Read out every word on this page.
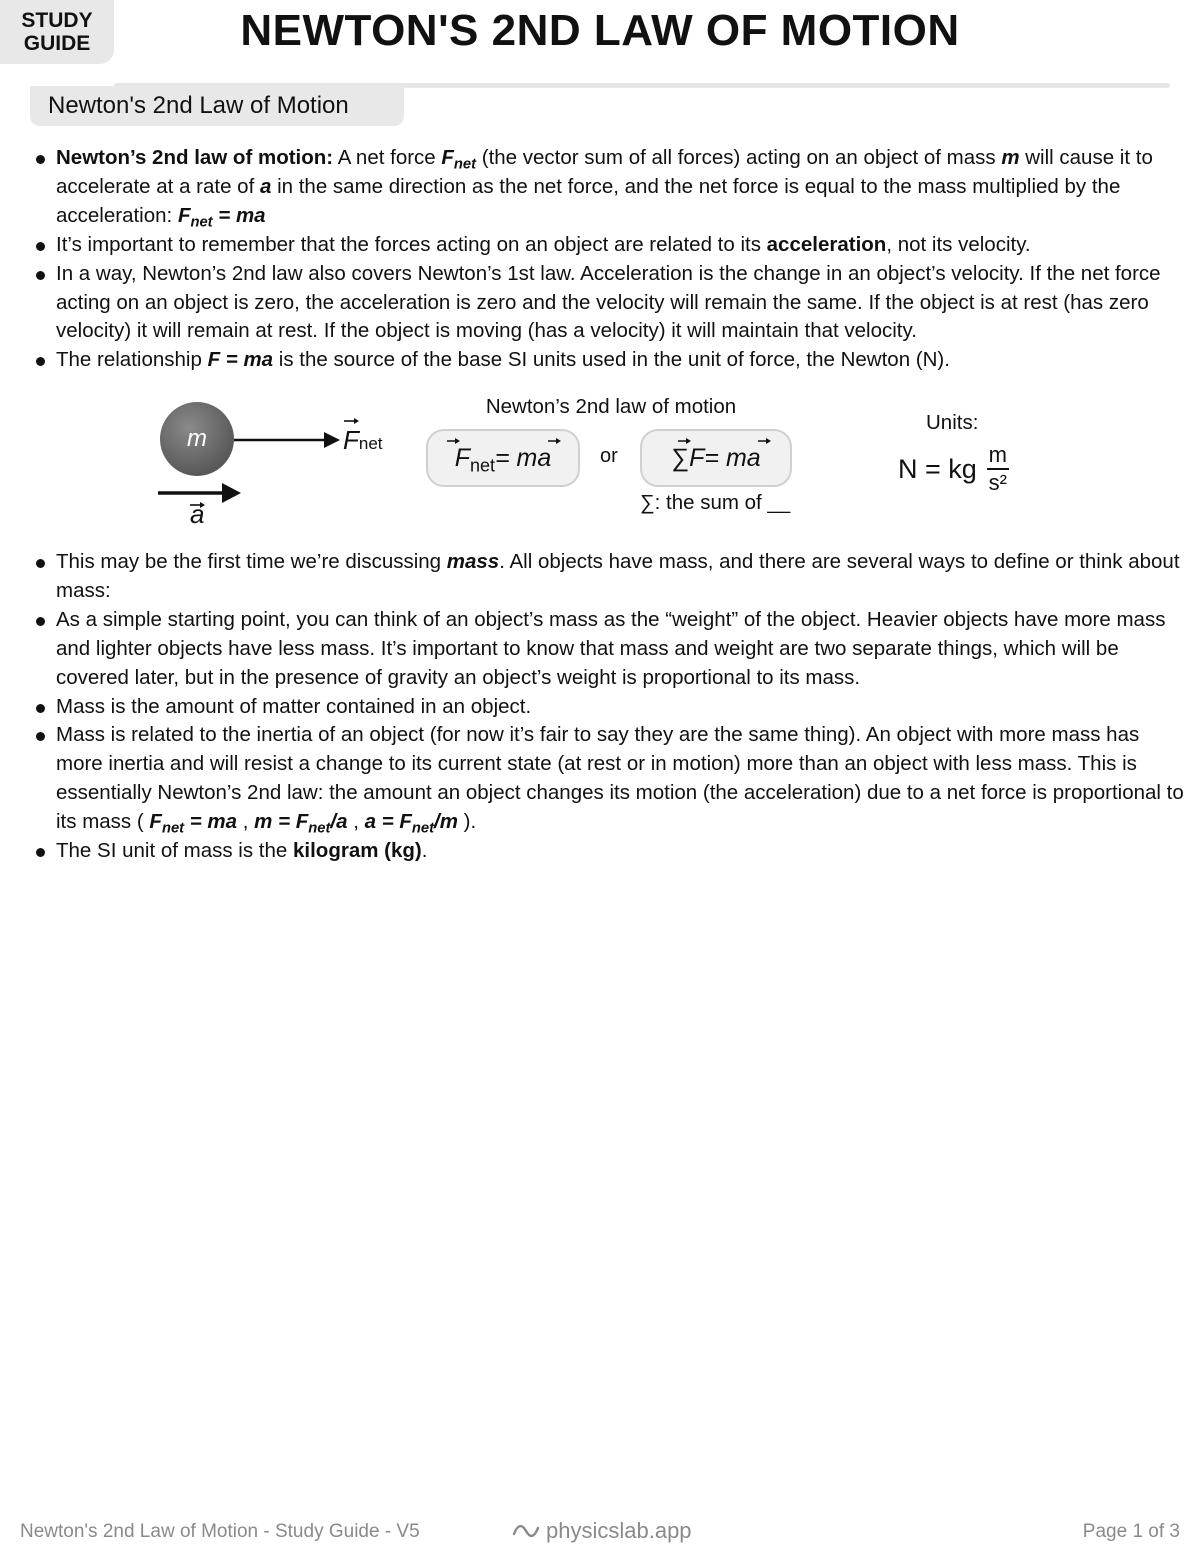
STUDY
GUIDE	NEWTON'S 2ND LAW OF MOTION
Newton's 2nd Law of Motion
Newton’s 2nd law of motion: A net force $F_{net}$ (the vector sum of all forces) acting on an object of mass m will cause it to accelerate at a rate of a in the same direction as the net force, and the net force is equal to the mass multiplied by the acceleration: $F_{net}$ = ma
It’s important to remember that the forces acting on an object are related to its acceleration, not its velocity.
In a way, Newton’s 2nd law also covers Newton’s 1st law. Acceleration is the change in an object’s velocity. If the net force acting on an object is zero, the acceleration is zero and the velocity will remain the same. If the object is at rest (has zero velocity) it will remain at rest. If the object is moving (has a velocity) it will maintain that velocity.
The relationship F = ma is the source of the base SI units used in the unit of force, the Newton (N).
m	Fnet
a
Newton’s 2nd law of motion
$F_{net}$ = ma or ∑ F = ma
∑: the sum of __
Units:
N = kg $\frac{m}{\text{s²}}$
This may be the first time we’re discussing mass. All objects have mass, and there are several ways to define or think about mass:
As a simple starting point, you can think of an object’s mass as the “weight” of the object. Heavier objects have more mass and lighter objects have less mass. It’s important to know that mass and weight are two separate things, which will be covered later, but in the presence of gravity an object’s weight is proportional to its mass.
Mass is the amount of matter contained in an object.
Mass is related to the inertia of an object (for now it’s fair to say they are the same thing). An object with more mass has more inertia and will resist a change to its current state (at rest or in motion) more than an object with less mass. This is essentially Newton’s 2nd law: the amount an object changes its motion (the acceleration) due to a net force is proportional to its mass ( $F_{net}$ = ma , $m = F_{net}/a$ , $a = F_{net}/m$ ).
The SI unit of mass is the kilogram (kg).
Newton's 2nd Law of Motion - Study Guide - V5	physicslab.app	Page 1 of 3
